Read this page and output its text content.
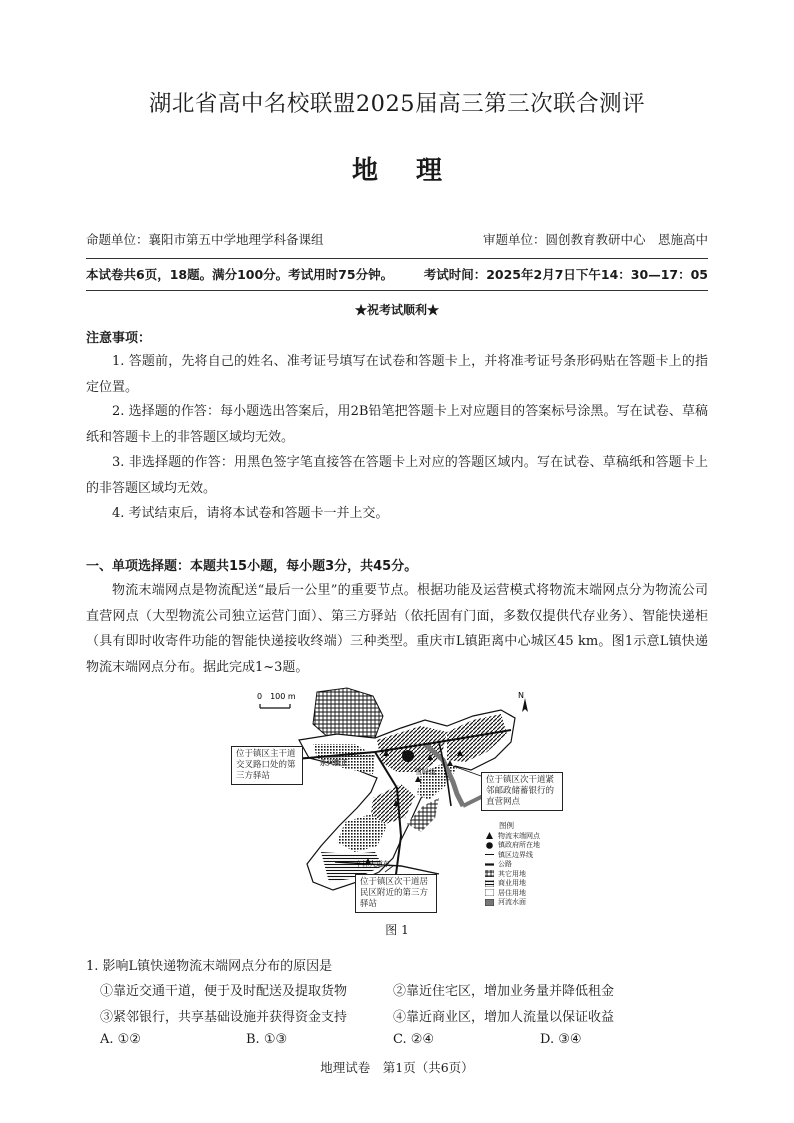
湖北省高中名校联盟2025届高三第三次联合测评
地理
命题单位：襄阳市第五中学地理学科备课组	审题单位：圆创教育教研中心　恩施高中
本试卷共6页，18题。满分100分。考试用时75分钟。 考试时间：2025年2月7日下午14：30—17：05
★祝考试顺利★
注意事项：
1. 答题前，先将自己的姓名、准考证号填写在试卷和答题卡上，并将准考证号条形码贴在答题卡上的指定位置。
2. 选择题的作答：每小题选出答案后，用2B铅笔把答题卡上对应题目的答案标号涂黑。写在试卷、草稿纸和答题卡上的非答题区域均无效。
3. 非选择题的作答：用黑色签字笔直接答在答题卡上对应的答题区域内。写在试卷、草稿纸和答题卡上的非答题区域均无效。
4. 考试结束后，请将本试卷和答题卡一并上交。
一、单项选择题：本题共15小题，每小题3分，共45分。
物流末端网点是物流配送“最后一公里”的重要节点。根据功能及运营模式将物流末端网点分为物流公司直营网点（大型物流公司独立运营门面）、第三方驿站（依托固有门面，多数仅提供代存业务）、智能快递柜（具有即时收寄件功能的智能快递接收终端）三种类型。重庆市L镇距离中心城区45 km。图1示意L镇快递物流末端网点分布。据此完成1~3题。
0　100 m	N
永兴街正
雪峰街
辛林大道东
位于镇区主干道交叉路口处的第三方驿站	位于镇区次干道紧邻邮政储蓄银行的直营网点
位于镇区次干道居民区附近的第三方驿站
图例
物流末端网点
镇政府所在地
镇区边界线
公路
其它用地
商业用地
居住用地
河流水面
图 1
1. 影响L镇快递物流末端网点分布的原因是
①靠近交通干道，便于及时配送及提取货物	②靠近住宅区，增加业务量并降低租金
③紧邻银行，共享基础设施并获得资金支持	④靠近商业区，增加人流量以保证收益
A. ①②	B. ①③	C. ②④	D. ③④
地理试卷　第1页（共6页）
